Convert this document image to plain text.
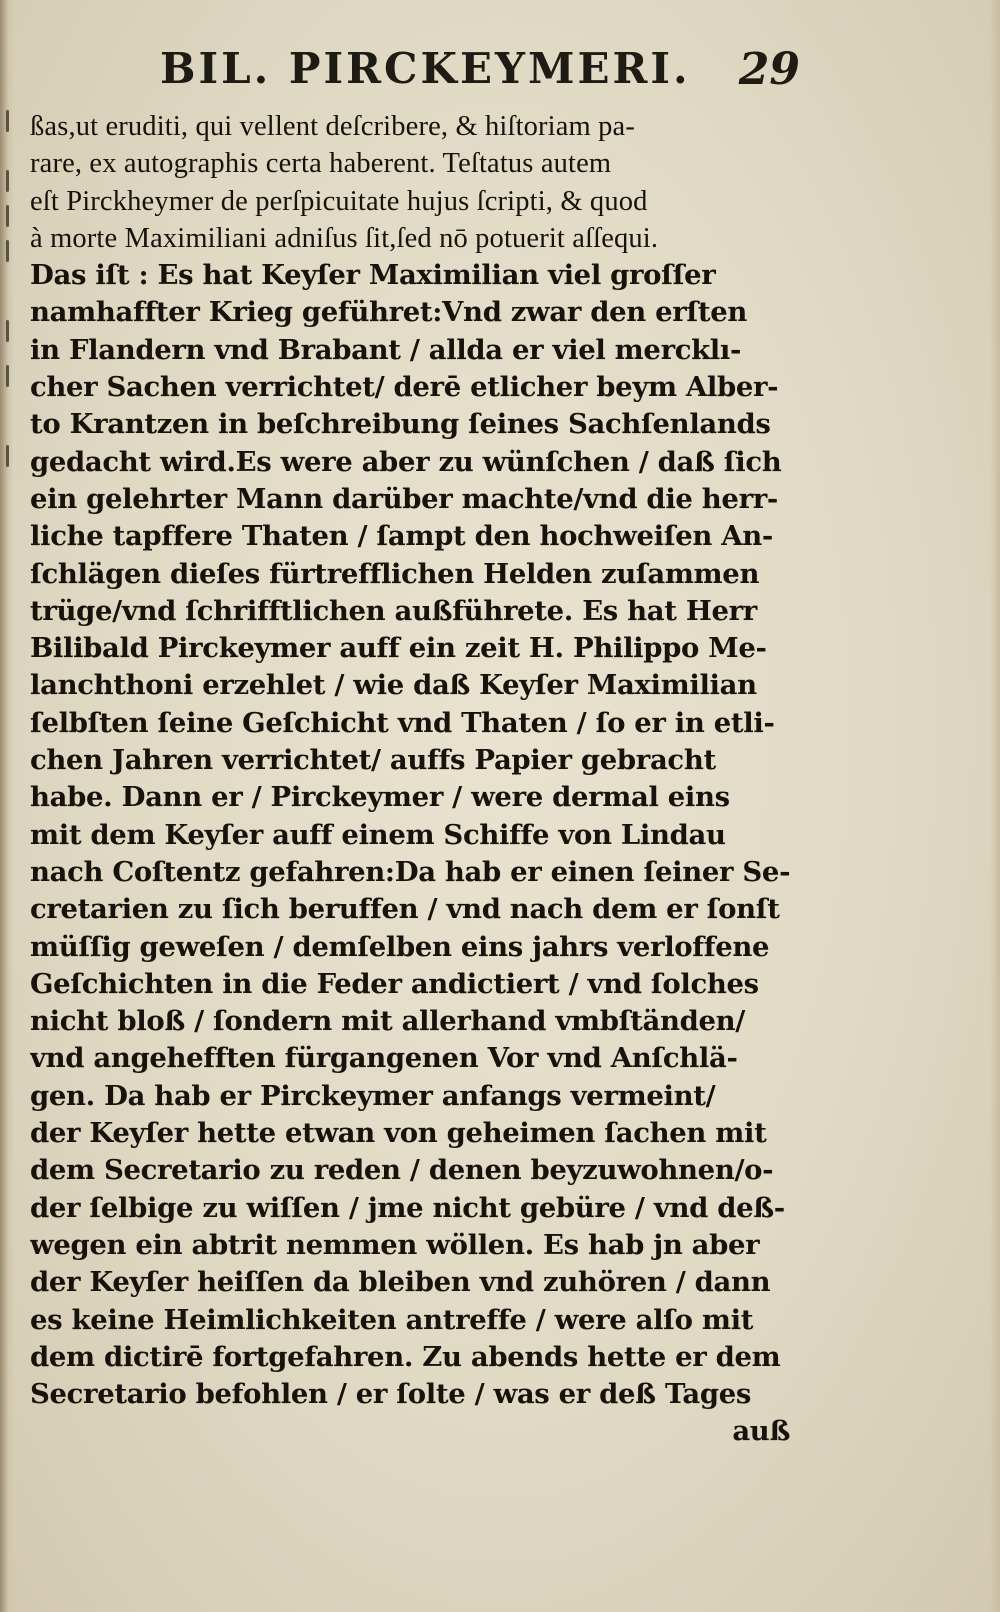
BIL. PIRCKEYMERI. 29
ßas,ut eruditi, qui vellent deſcribere, & hiſtoriam pa-
rare, ex autographis certa haberent. Teſtatus autem
eſt Pirckheymer de perſpicuitate hujus ſcripti, & quod
à morte Maximiliani adniſus ſit,ſed nō potuerit aſſequi.
Das iſt : Es hat Keyſer Maximilian viel groſſer
namhaffter Krieg geführet:Vnd zwar den erſten
in Flandern vnd Brabant / allda er viel mercklı-
cher Sachen verrichtet/ derē etlicher beym Alber-
to Krantzen in beſchreibung ſeines Sachſenlands
gedacht wird.Es were aber zu wünſchen / daß ſich
ein gelehrter Mann darüber machte/vnd die herr-
liche tapffere Thaten / ſampt den hochweiſen An-
ſchlägen dieſes fürtrefflichen Helden zuſammen
trüge/vnd ſchrifftlichen außführete. Es hat Herr
Bilibald Pirckeymer auff ein zeit H. Philippo Me-
lanchthoni erzehlet / wie daß Keyſer Maximilian
ſelbſten ſeine Geſchicht vnd Thaten / ſo er in etli-
chen Jahren verrichtet/ auffs Papier gebracht
habe. Dann er / Pirckeymer / were dermal eins
mit dem Keyſer auff einem Schiffe von Lindau
nach Coſtentz gefahren:Da hab er einen ſeiner Se-
cretarien zu ſich beruffen / vnd nach dem er ſonſt
müſſig geweſen / demſelben eins jahrs verloffene
Geſchichten in die Feder andictiert / vnd ſolches
nicht bloß / ſondern mit allerhand vmbſtänden/
vnd angehefften fürgangenen Vor vnd Anſchlä-
gen. Da hab er Pirckeymer anfangs vermeint/
der Keyſer hette etwan von geheimen ſachen mit
dem Secretario zu reden / denen beyzuwohnen/o-
der ſelbige zu wiſſen / jme nicht gebüre / vnd deß-
wegen ein abtrit nemmen wöllen. Es hab jn aber
der Keyſer heiſſen da bleiben vnd zuhören / dann
es keine Heimlichkeiten antreffe / were alſo mit
dem dictirē fortgefahren. Zu abends hette er dem
Secretario befohlen / er ſolte / was er deß Tages
auß
